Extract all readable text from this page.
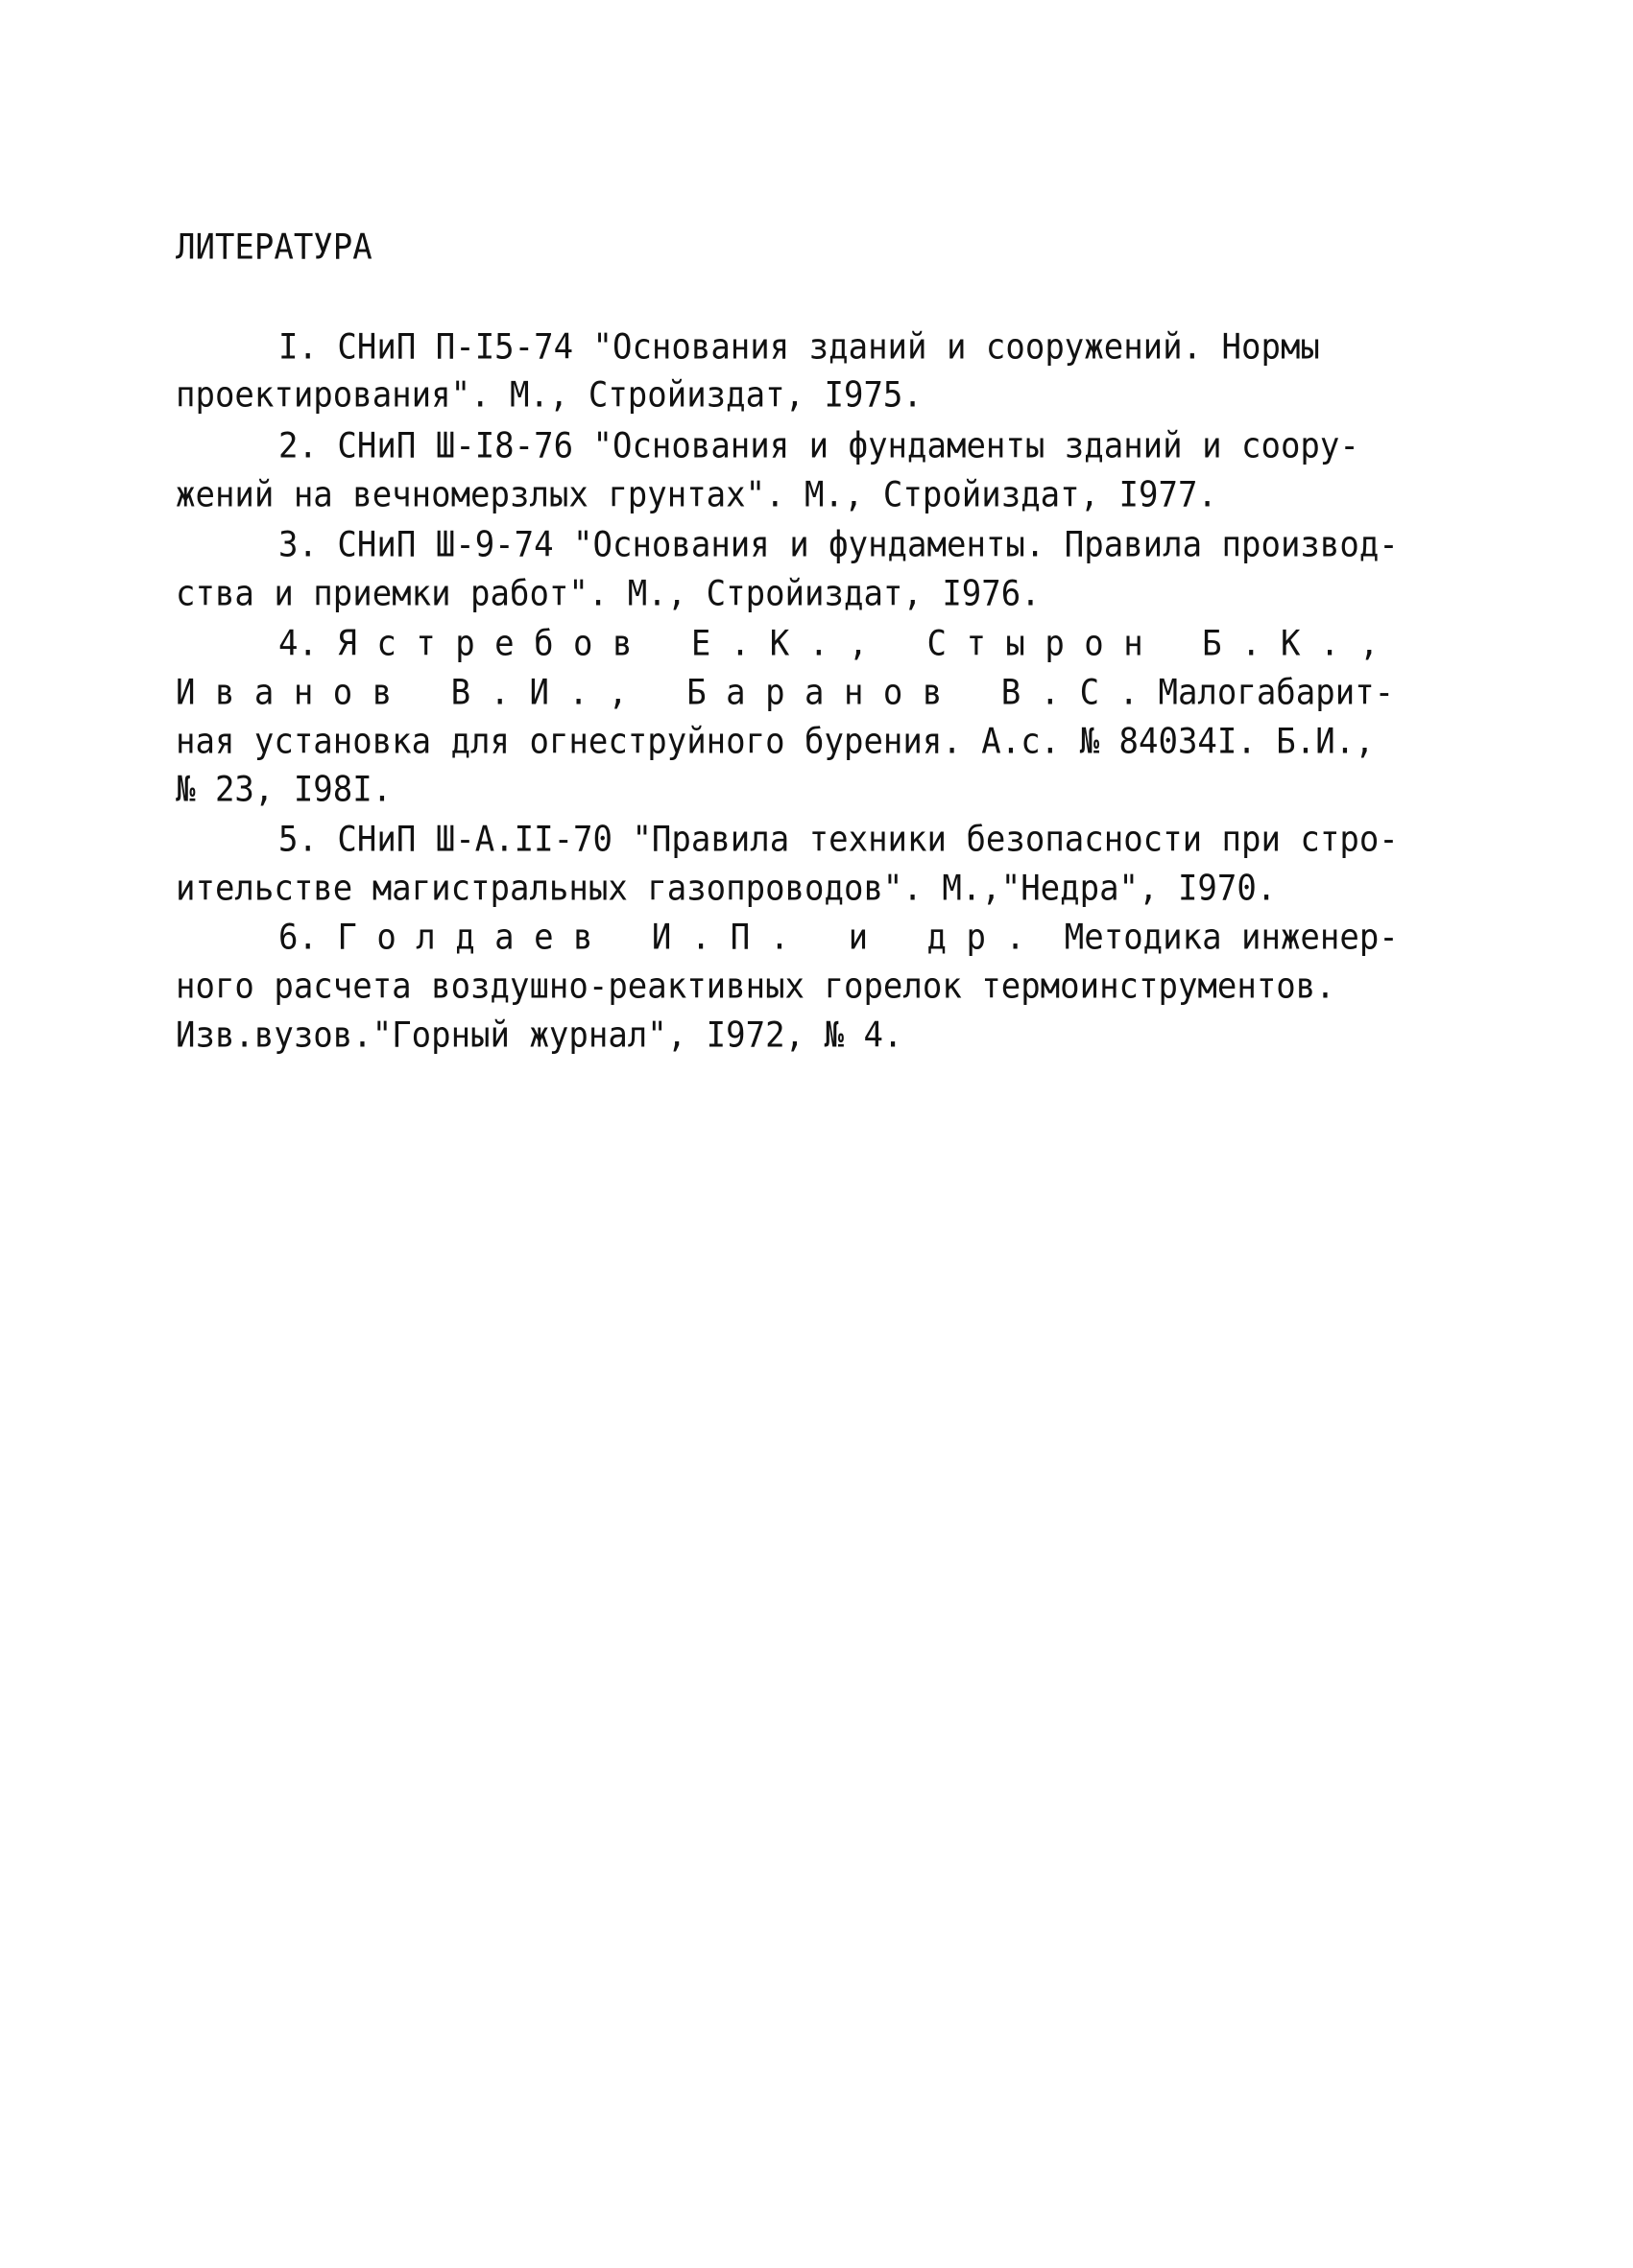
ЛИТЕРАТУРА
I. СНиП П-I5-74 "Основания зданий и сооружений. Нормы
проектирования". М., Стройиздат, I975.
2. СНиП Ш-I8-76 "Основания и фундаменты зданий и соору-
жений на вечномерзлых грунтах". М., Стройиздат, I977.
3. СНиП Ш-9-74 "Основания и фундаменты. Правила производ-
ства и приемки работ". М., Стройиздат, I976.
4. Я с т р е б о в   Е . К . ,   С т ы р о н   Б . К . ,
И в а н о в   В . И . ,   Б а р а н о в   В . С . Малогабарит-
ная установка для огнеструйного бурения. А.с. № 84034I. Б.И.,
№ 23, I98I.
5. СНиП Ш-А.II-70 "Правила техники безопасности при стро-
ительстве магистральных газопроводов". М.,"Недра", I970.
6. Г о л д а е в   И . П .   и   д р .  Методика инженер-
ного расчета воздушно-реактивных горелок термоинструментов.
Изв.вузов."Горный журнал", I972, № 4.
